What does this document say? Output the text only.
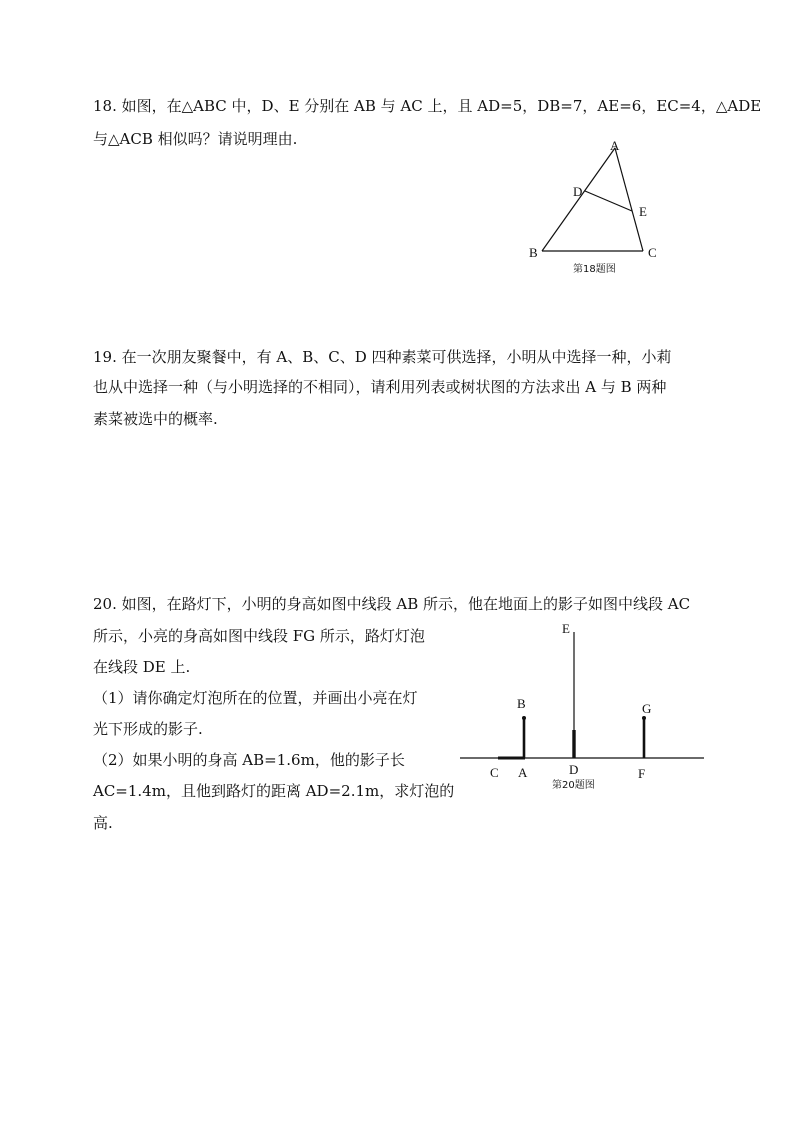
18. 如图，在△ABC 中，D、E 分别在 AB 与 AC 上，且 AD=5，DB=7，AE=6，EC=4，△ADE
与△ACB 相似吗？请说明理由.	A
D
E
B	C
第18题图
19. 在一次朋友聚餐中，有 A、B、C、D 四种素菜可供选择，小明从中选择一种，小莉
也从中选择一种（与小明选择的不相同），请利用列表或树状图的方法求出 A 与 B 两种
素菜被选中的概率.
20. 如图，在路灯下，小明的身高如图中线段 AB 所示，他在地面上的影子如图中线段 AC
所示，小亮的身高如图中线段 FG 所示，路灯灯泡
在线段 DE 上.
（1）请你确定灯泡所在的位置，并画出小亮在灯
光下形成的影子.
（2）如果小明的身高 AB=1.6m，他的影子长
AC=1.4m，且他到路灯的距离 AD=2.1m，求灯泡的
高.
E
B	G
C A	D	F
第20题图
